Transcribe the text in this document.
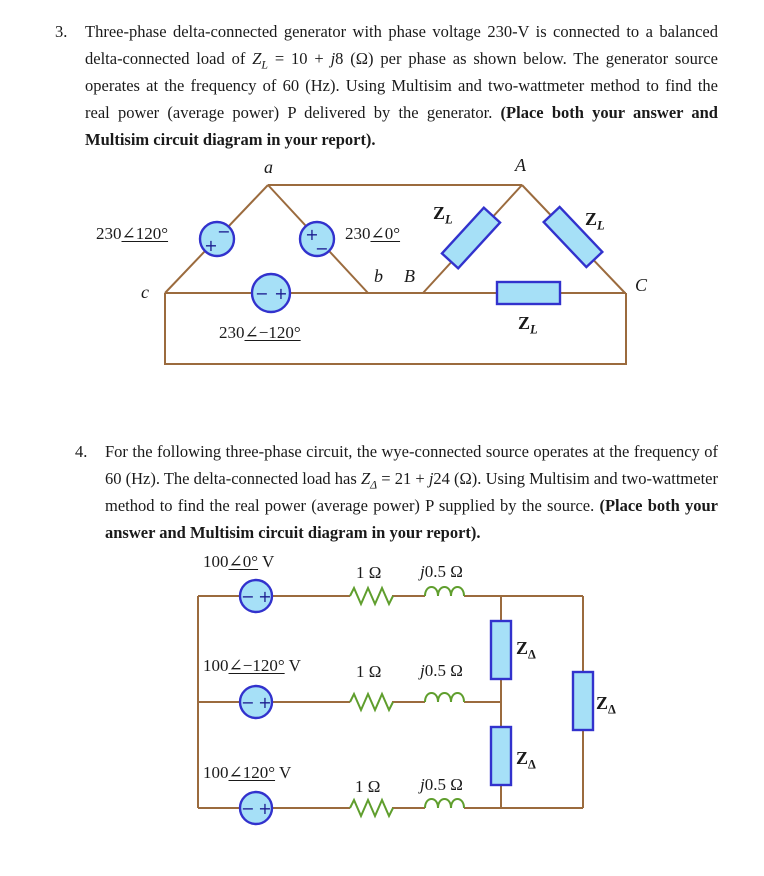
3. Three-phase delta-connected generator with phase voltage 230-V is connected to a balanced delta-connected load of $Z_L = 10 + j8$ (Ω) per phase as shown below. The generator source operates at the frequency of 60 (Hz). Using Multisim and two-wattmeter method to find the real power (average power) P delivered by the generator. (Place both your answer and Multisim circuit diagram in your report).
+
−	+
−
− +
230∠120°	230∠0°
230∠−120°
a	A
b B
c	C
$Z_L$	$Z_L$
$Z_L$
4. For the following three-phase circuit, the wye-connected source operates at the frequency of 60 (Hz). The delta-connected load has $Z_\Delta = 21 + j24$ (Ω). Using Multisim and two-wattmeter method to find the real power (average power) P supplied by the source. (Place both your answer and Multisim circuit diagram in your report).
− +
− +
− +
100∠0° V
100∠−120° V
100∠120° V
1 Ω
1 Ω
1 Ω
j0.5 Ω
j0.5 Ω
j0.5 Ω
$Z_\Delta$
$Z_\Delta$
$Z_\Delta$
